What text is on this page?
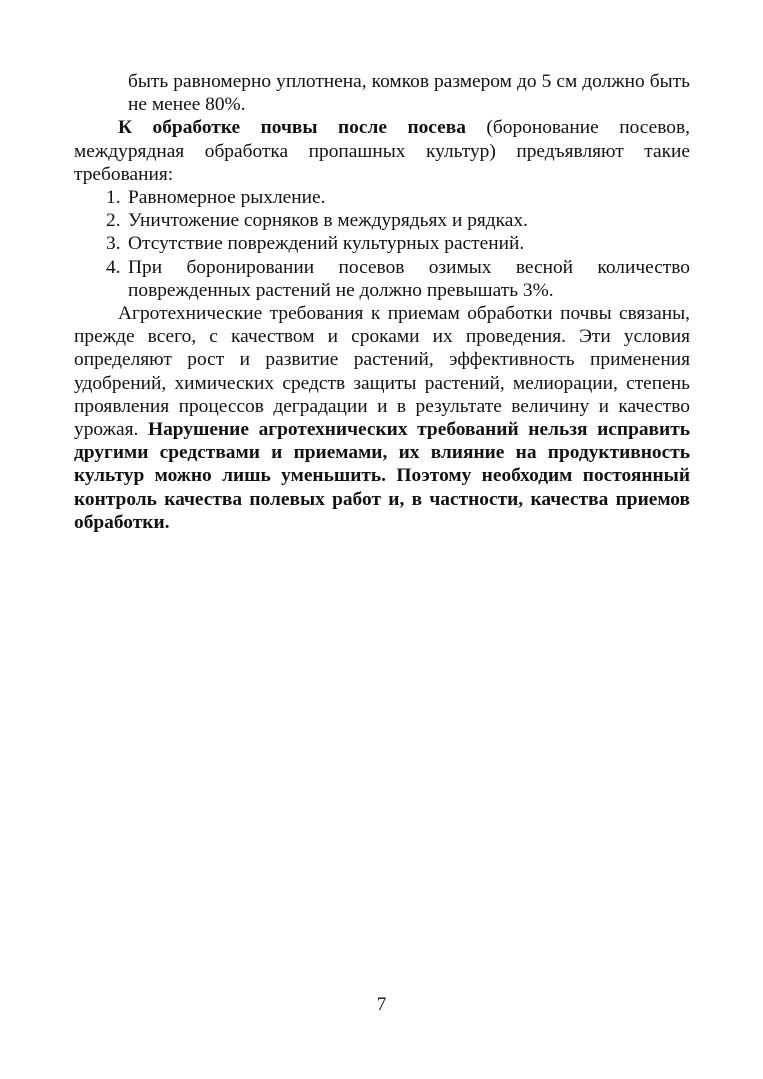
быть равномерно уплотнена, комков размером до 5 см должно быть не менее 80%.

К обработке почвы после посева (боронование посевов, междурядная обработка пропашных культур) предъявляют такие требования:

1. Равномерное рыхление.
2. Уничтожение сорняков в междурядьях и рядках.
3. Отсутствие повреждений культурных растений.
4. При боронировании посевов озимых весной количество поврежденных растений не должно превышать 3%.

Агротехнические требования к приемам обработки почвы связаны, прежде всего, с качеством и сроками их проведения. Эти условия определяют рост и развитие растений, эффективность применения удобрений, химических средств защиты растений, мелиорации, степень проявления процессов деградации и в результате величину и качество урожая. Нарушение агротехнических требований нельзя исправить другими средствами и приемами, их влияние на продуктивность культур можно лишь уменьшить. Поэтому необходим постоянный контроль качества полевых работ и, в частности, качества приемов обработки.

7
